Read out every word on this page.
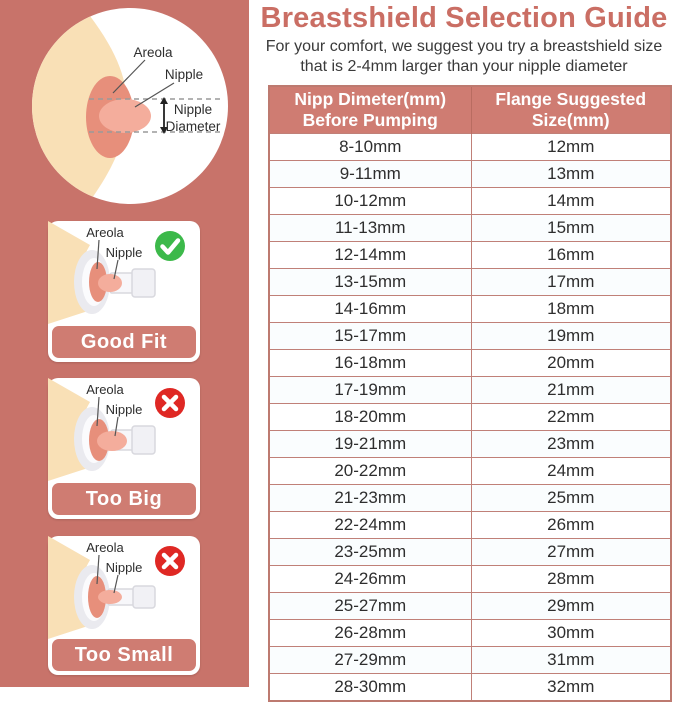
Areola
Nipple
Nipple
Diameter
Areola
Nipple
Good Fit
Areola
Nipple
Too Big
Areola
Nipple
Too Small
Breastshield Selection Guide
For your comfort, we suggest you try a breastshield size
that is 2-4mm larger than your nipple diameter
Nipp Dimeter(mm)
Before Pumping	Flange Suggested
Size(mm)
8-10mm	12mm
9-11mm	13mm
10-12mm	14mm
11-13mm	15mm
12-14mm	16mm
13-15mm	17mm
14-16mm	18mm
15-17mm	19mm
16-18mm	20mm
17-19mm	21mm
18-20mm	22mm
19-21mm	23mm
20-22mm	24mm
21-23mm	25mm
22-24mm	26mm
23-25mm	27mm
24-26mm	28mm
25-27mm	29mm
26-28mm	30mm
27-29mm	31mm
28-30mm	32mm
